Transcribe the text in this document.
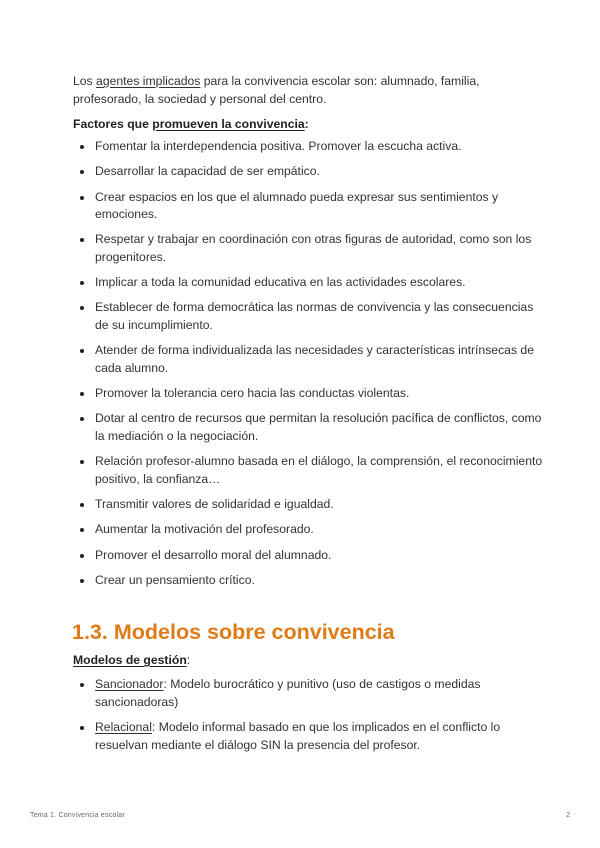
Los agentes implicados para la convivencia escolar son: alumnado, familia, profesorado, la sociedad y personal del centro.

Factores que promueven la convivencia:

Fomentar la interdependencia positiva. Promover la escucha activa.
Desarrollar la capacidad de ser empático.
Crear espacios en los que el alumnado pueda expresar sus sentimientos y emociones.
Respetar y trabajar en coordinación con otras figuras de autoridad, como son los progenitores.
Implicar a toda la comunidad educativa en las actividades escolares.
Establecer de forma democrática las normas de convivencia y las consecuencias de su incumplimiento.
Atender de forma individualizada las necesidades y características intrínsecas de cada alumno.
Promover la tolerancia cero hacia las conductas violentas.
Dotar al centro de recursos que permitan la resolución pacífica de conflictos, como la mediación o la negociación.
Relación profesor-alumno basada en el diálogo, la comprensión, el reconocimiento positivo, la confianza…
Transmitir valores de solidaridad e igualdad.
Aumentar la motivación del profesorado.
Promover el desarrollo moral del alumnado.
Crear un pensamiento crítico.
1.3. Modelos sobre convivencia

Modelos de gestión:

Sancionador: Modelo burocrático y punitivo (uso de castigos o medidas sancionadoras)
Relacional: Modelo informal basado en que los implicados en el conflicto lo resuelvan mediante el diálogo SIN la presencia del profesor.
Tema 1. Convivencia escolar	2
